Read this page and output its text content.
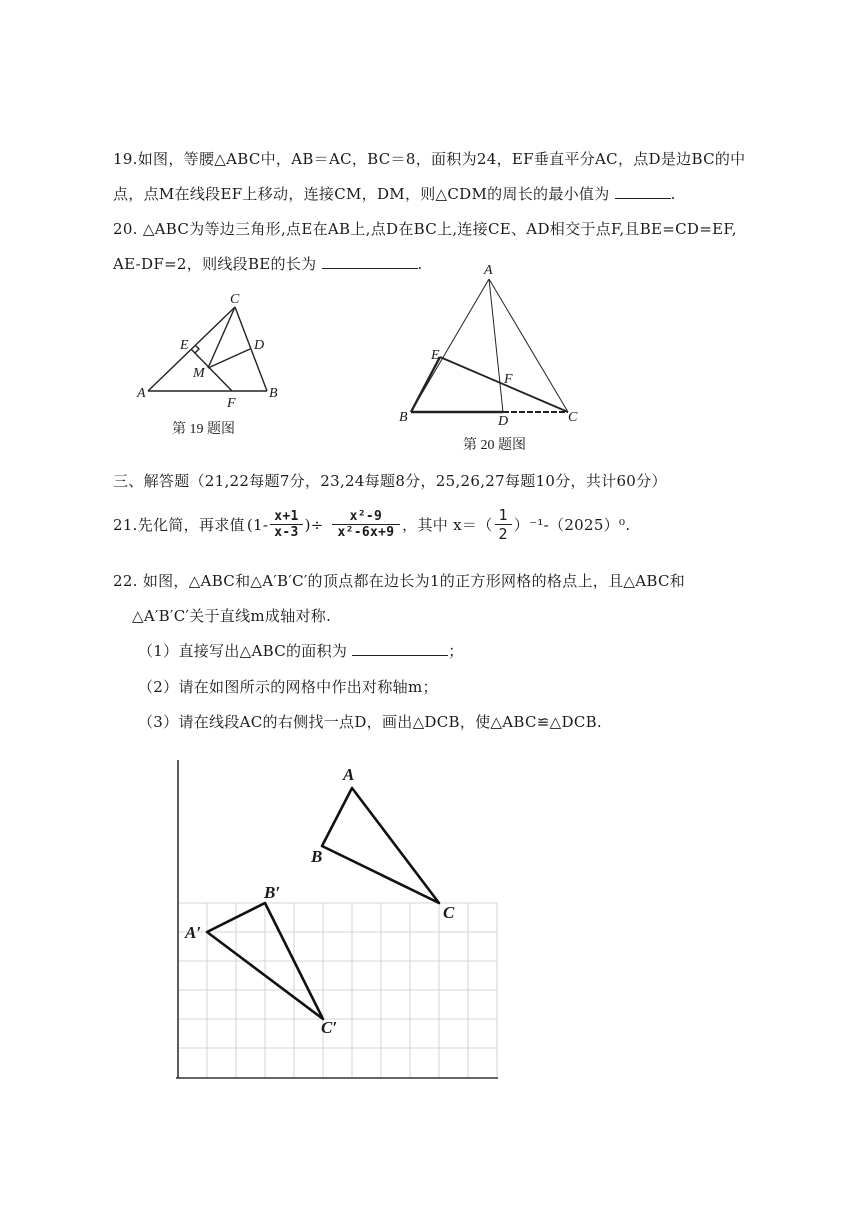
19.如图，等腰△ABC中，AB＝AC，BC＝8，面积为24，EF垂直平分AC，点D是边BC的中
点，点M在线段EF上移动，连接CM，DM，则△CDM的周长的最小值为	.
20. △ABC为等边三角形,点E在AB上,点D在BC上,连接CE、AD相交于点F,且BE=CD=EF,
AE-DF=2，则线段BE的长为	.
C
E	D
M
A	B
F
第 19 题图
A
E
F
B	D	C
第 20 题图
三、解答题（21,22每题7分，23,24每题8分，25,26,27每题10分，共计60分）
21.先化简，再求值 ($1- \frac{x+1}{x-3}$ )÷ $\frac{\text{x²-9}}{\text{x²-6x+9}}$ ，其中 $x=( \frac{1}{2} )^{-1}-(2025)^0$.
22. 如图，△ABC和△A′B′C′的顶点都在边长为1的正方形网格的格点上，且△ABC和
△A′B′C′关于直线m成轴对称.
（1）直接写出△ABC的面积为	；
（2）请在如图所示的网格中作出对称轴m；
（3）请在线段AC的右侧找一点D，画出△DCB，使△ABC≌△DCB.
A
B
C
B′
A′
C′
